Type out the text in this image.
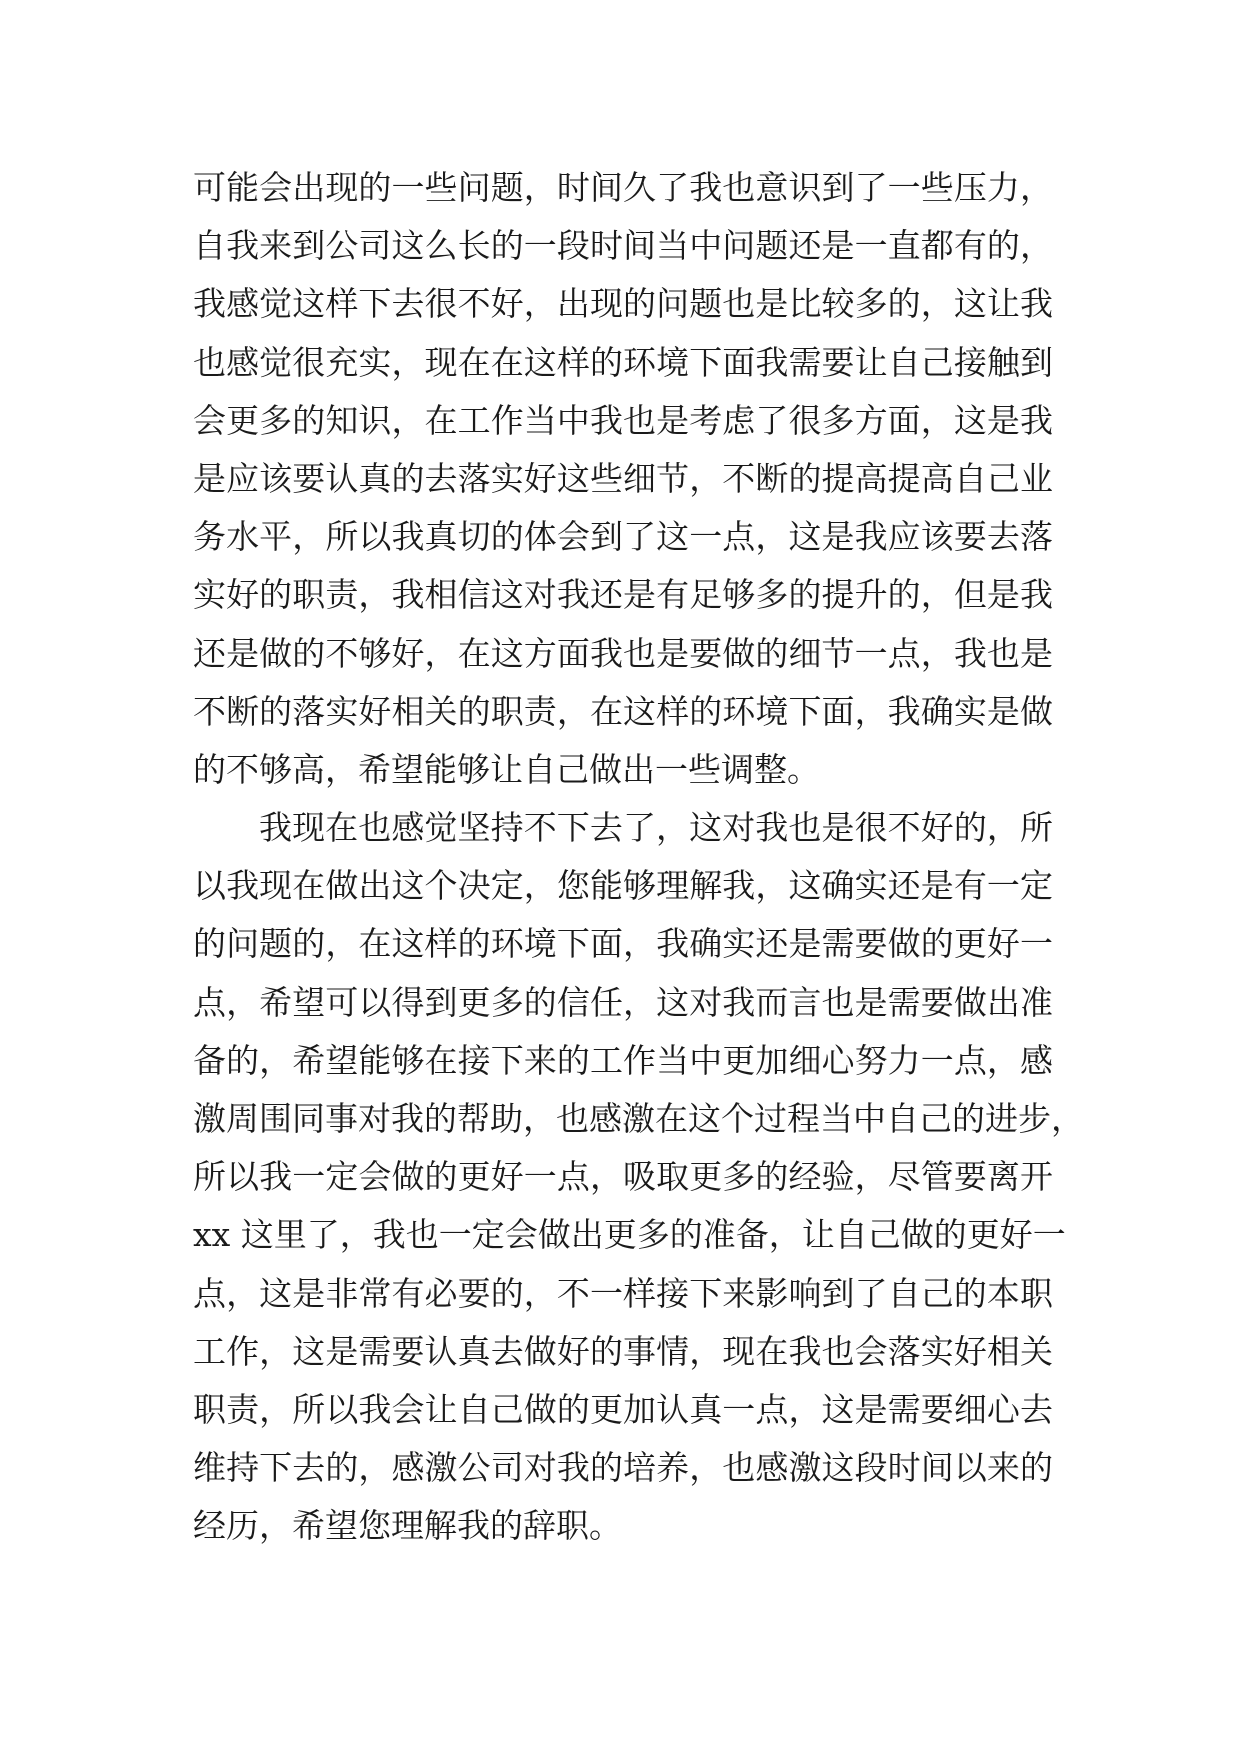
可能会出现的一些问题，时间久了我也意识到了一些压力，
自我来到公司这么长的一段时间当中问题还是一直都有的，
我感觉这样下去很不好，出现的问题也是比较多的，这让我
也感觉很充实，现在在这样的环境下面我需要让自己接触到
会更多的知识，在工作当中我也是考虑了很多方面，这是我
是应该要认真的去落实好这些细节，不断的提高提高自己业
务水平，所以我真切的体会到了这一点，这是我应该要去落
实好的职责，我相信这对我还是有足够多的提升的，但是我
还是做的不够好，在这方面我也是要做的细节一点，我也是
不断的落实好相关的职责，在这样的环境下面，我确实是做
的不够高，希望能够让自己做出一些调整。
我现在也感觉坚持不下去了，这对我也是很不好的，所
以我现在做出这个决定，您能够理解我，这确实还是有一定
的问题的，在这样的环境下面，我确实还是需要做的更好一
点，希望可以得到更多的信任，这对我而言也是需要做出准
备的，希望能够在接下来的工作当中更加细心努力一点，感
激周围同事对我的帮助，也感激在这个过程当中自己的进步，
所以我一定会做的更好一点，吸取更多的经验，尽管要离开
xx 这里了，我也一定会做出更多的准备，让自己做的更好一
点，这是非常有必要的，不一样接下来影响到了自己的本职
工作，这是需要认真去做好的事情，现在我也会落实好相关
职责，所以我会让自己做的更加认真一点，这是需要细心去
维持下去的，感激公司对我的培养，也感激这段时间以来的
经历，希望您理解我的辞职。
